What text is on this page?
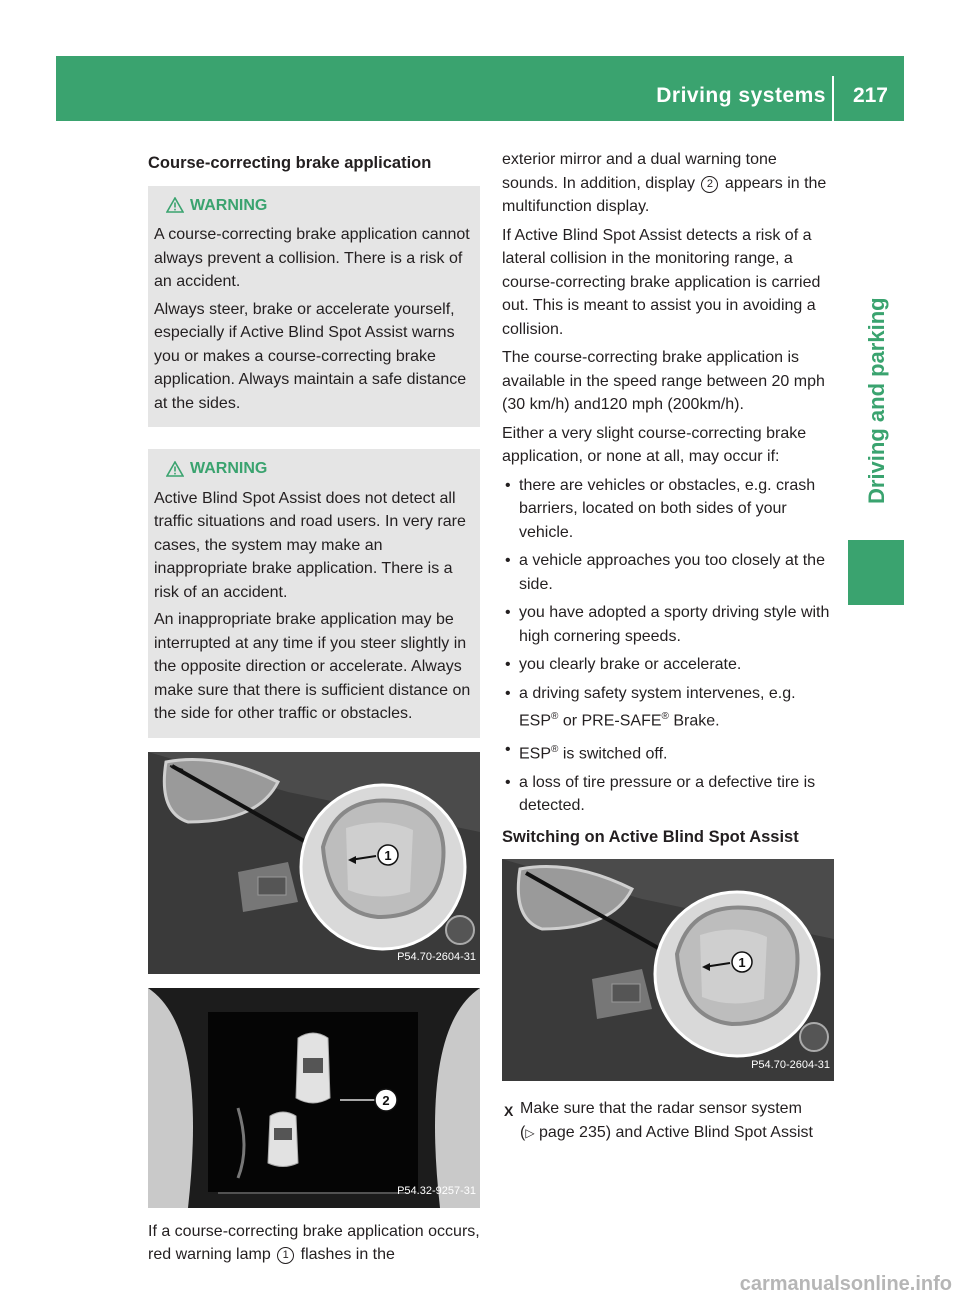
Driving systems 217
Driving and parking
Course-correcting brake application
WARNING

A course-correcting brake application cannot always prevent a collision. There is a risk of an accident.

Always steer, brake or accelerate yourself, especially if Active Blind Spot Assist warns you or makes a course-correcting brake application. Always maintain a safe distance at the sides.

WARNING

Active Blind Spot Assist does not detect all traffic situations and road users. In very rare cases, the system may make an inappropriate brake application. There is a risk of an accident.

An inappropriate brake application may be interrupted at any time if you steer slightly in the opposite direction or accelerate. Always make sure that there is sufficient distance on the side for other traffic or obstacles.

1
P54.70-2604-31
2
P54.32-9257-31

If a course-correcting brake application occurs, red warning lamp 1 flashes in the

exterior mirror and a dual warning tone sounds. In addition, display 2 appears in the multifunction display.

If Active Blind Spot Assist detects a risk of a lateral collision in the monitoring range, a course-correcting brake application is carried out. This is meant to assist you in avoiding a collision.

The course-correcting brake application is available in the speed range between 20 mph (30 km/h) and120 mph (200km/h).

Either a very slight course-correcting brake application, or none at all, may occur if:

• there are vehicles or obstacles, e.g. crash barriers, located on both sides of your vehicle.
• a vehicle approaches you too closely at the side.
• you have adopted a sporty driving style with high cornering speeds.
• you clearly brake or accelerate.
• a driving safety system intervenes, e.g. ESP® or PRE-SAFE® Brake.
• ESP® is switched off.
• a loss of tire pressure or a defective tire is detected.
Switching on Active Blind Spot Assist
1
P54.70-2604-31
X Make sure that the radar sensor system
(▷ page 235) and Active Blind Spot Assist
carmanualsonline.info
